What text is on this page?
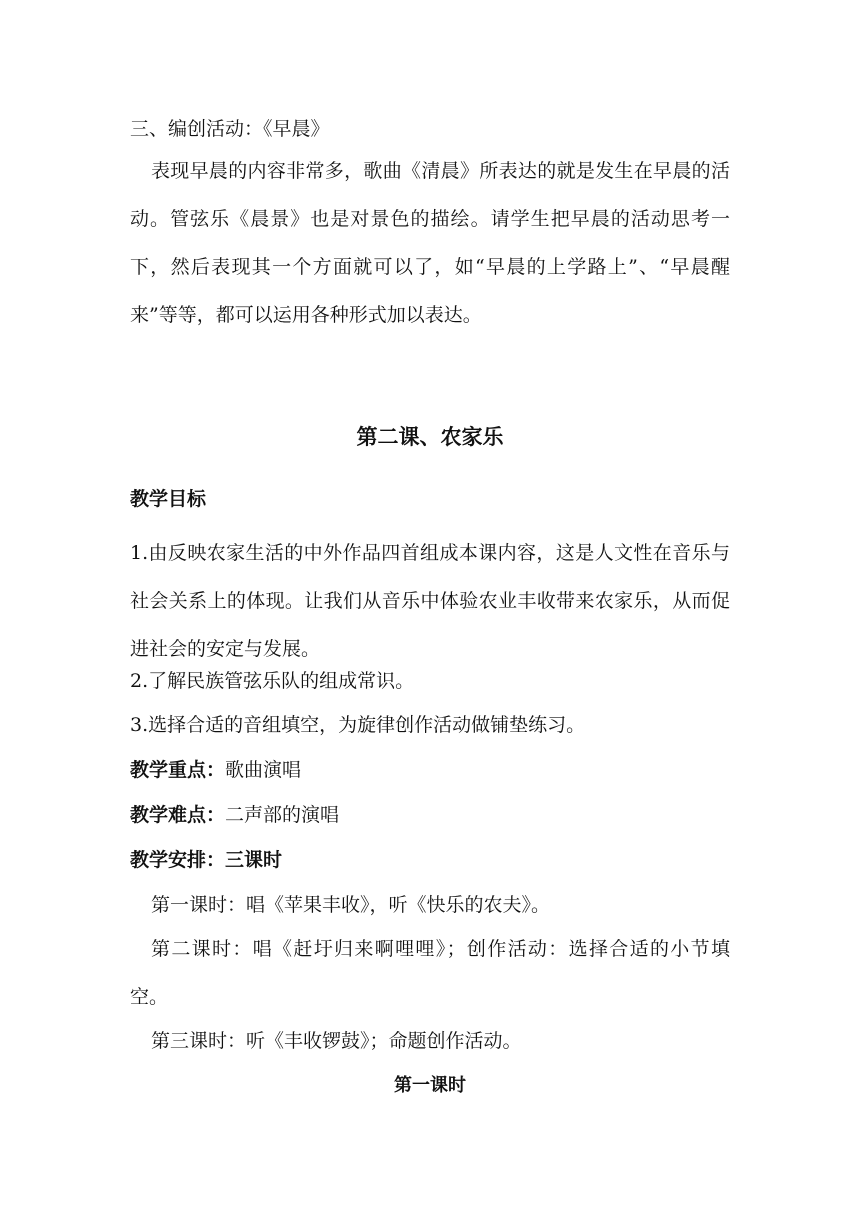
三、编创活动：《早晨》
表现早晨的内容非常多，歌曲《清晨》所表达的就是发生在早晨的活动。管弦乐《晨景》也是对景色的描绘。请学生把早晨的活动思考一下，然后表现其一个方面就可以了，如“早晨的上学路上”、“早晨醒来”等等，都可以运用各种形式加以表达。
第二课、农家乐
教学目标
1.由反映农家生活的中外作品四首组成本课内容，这是人文性在音乐与社会关系上的体现。让我们从音乐中体验农业丰收带来农家乐，从而促进社会的安定与发展。
2.了解民族管弦乐队的组成常识。
3.选择合适的音组填空，为旋律创作活动做铺垫练习。
教学重点：歌曲演唱
教学难点：二声部的演唱
教学安排：三课时
第一课时：唱《苹果丰收》，听《快乐的农夫》。
第二课时：唱《赶圩归来啊哩哩》；创作活动：选择合适的小节填空。
第三课时：听《丰收锣鼓》；命题创作活动。
第一课时
